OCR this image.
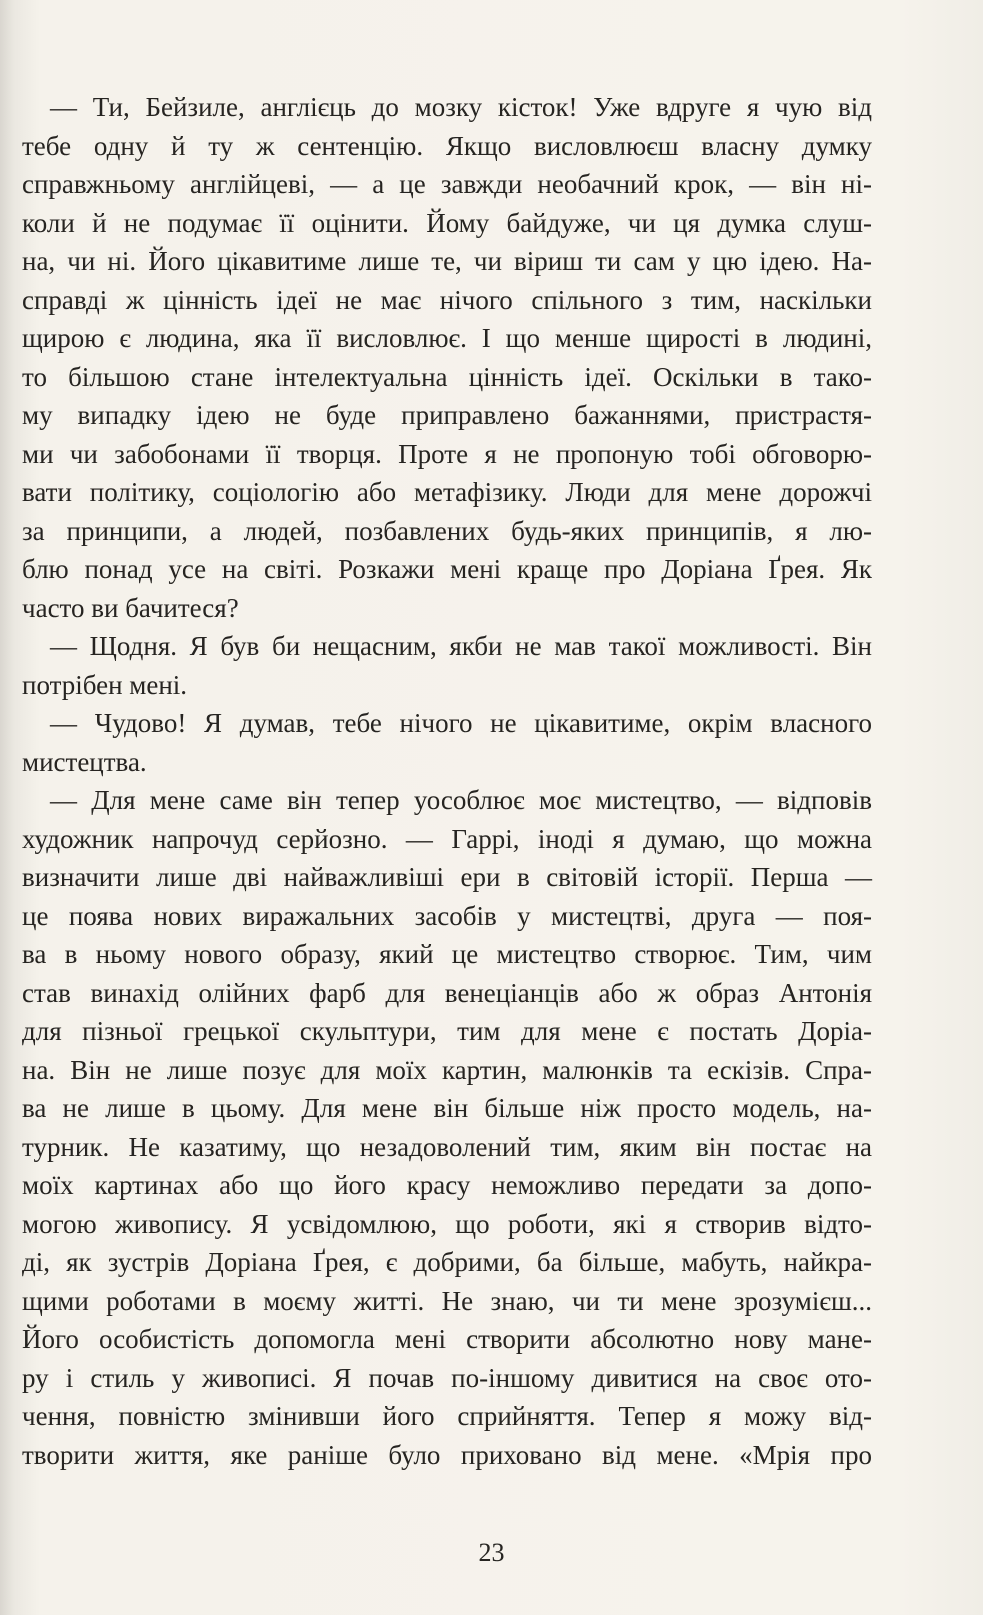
— Ти, Бейзиле, англієць до мозку кісток! Уже вдруге я чую від
тебе одну й ту ж сентенцію. Якщо висловлюєш власну думку
справжньому англійцеві, — а це завжди необачний крок, — він ні-
коли й не подумає її оцінити. Йому байдуже, чи ця думка слуш-
на, чи ні. Його цікавитиме лише те, чи віриш ти сам у цю ідею. На-
справді ж цінність ідеї не має нічого спільного з тим, наскільки
щирою є людина, яка її висловлює. І що менше щирості в людині,
то більшою стане інтелектуальна цінність ідеї. Оскільки в тако-
му випадку ідею не буде приправлено бажаннями, пристрастя-
ми чи забобонами її творця. Проте я не пропоную тобі обговорю-
вати політику, соціологію або метафізику. Люди для мене дорожчі
за принципи, а людей, позбавлених будь-яких принципів, я лю-
блю понад усе на світі. Розкажи мені краще про Доріана Ґрея. Як
часто ви бачитеся?
— Щодня. Я був би нещасним, якби не мав такої можливості. Він
потрібен мені.
— Чудово! Я думав, тебе нічого не цікавитиме, окрім власного
мистецтва.
— Для мене саме він тепер уособлює моє мистецтво, — відповів
художник напрочуд серйозно. — Гаррі, іноді я думаю, що можна
визначити лише дві найважливіші ери в світовій історії. Перша —
це поява нових виражальних засобів у мистецтві, друга — поя-
ва в ньому нового образу, який це мистецтво створює. Тим, чим
став винахід олійних фарб для венеціанців або ж образ Антонія
для пізньої грецької скульптури, тим для мене є постать Доріа-
на. Він не лише позує для моїх картин, малюнків та ескізів. Спра-
ва не лише в цьому. Для мене він більше ніж просто модель, на-
турник. Не казатиму, що незадоволений тим, яким він постає на
моїх картинах або що його красу неможливо передати за допо-
могою живопису. Я усвідомлюю, що роботи, які я створив відто-
ді, як зустрів Доріана Ґрея, є добрими, ба більше, мабуть, найкра-
щими роботами в моєму житті. Не знаю, чи ти мене зрозумієш...
Його особистість допомогла мені створити абсолютно нову мане-
ру і стиль у живописі. Я почав по-іншому дивитися на своє ото-
чення, повністю змінивши його сприйняття. Тепер я можу від-
творити життя, яке раніше було приховано від мене. «Мрія про
23
